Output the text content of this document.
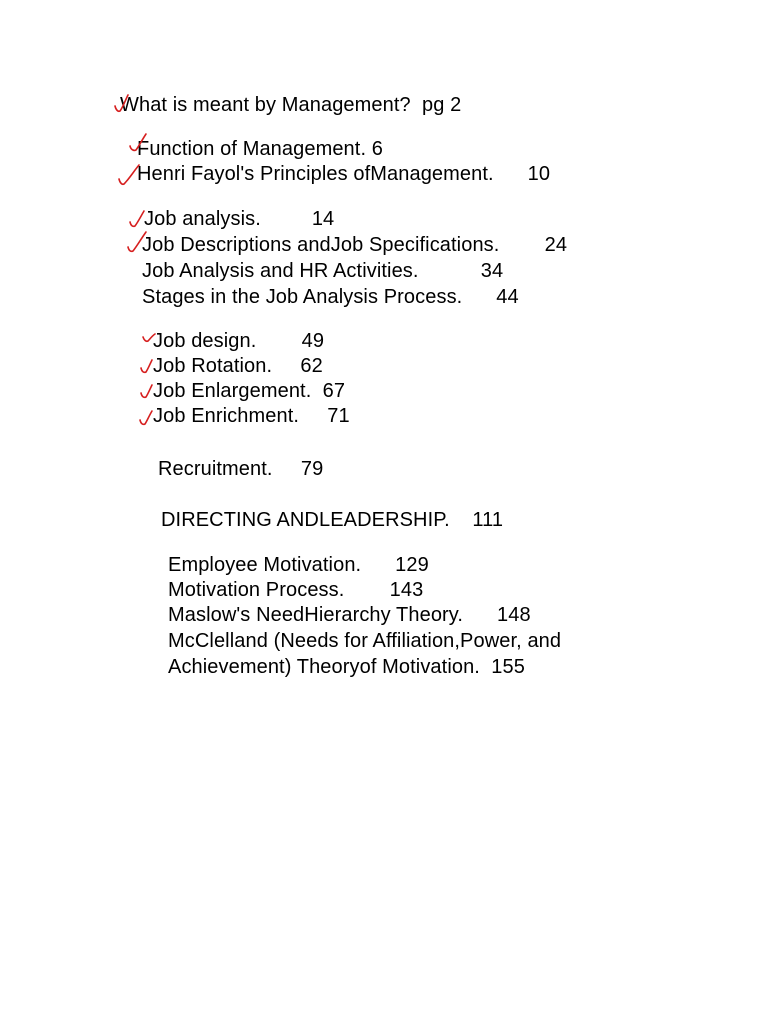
What is meant by Management?  pg 2
Function of Management. 6
Henri Fayol's Principles ofManagement.      10
Job analysis.         14
Job Descriptions andJob Specifications.        24
Job Analysis and HR Activities.           34
Stages in the Job Analysis Process.      44
Job design.        49
Job Rotation.     62
Job Enlargement.  67
Job Enrichment.     71
Recruitment.     79
DIRECTING ANDLEADERSHIP.    111
Employee Motivation.      129
Motivation Process.        143
Maslow's NeedHierarchy Theory.      148
McClelland (Needs for Affiliation,Power, and
Achievement) Theoryof Motivation.  155
